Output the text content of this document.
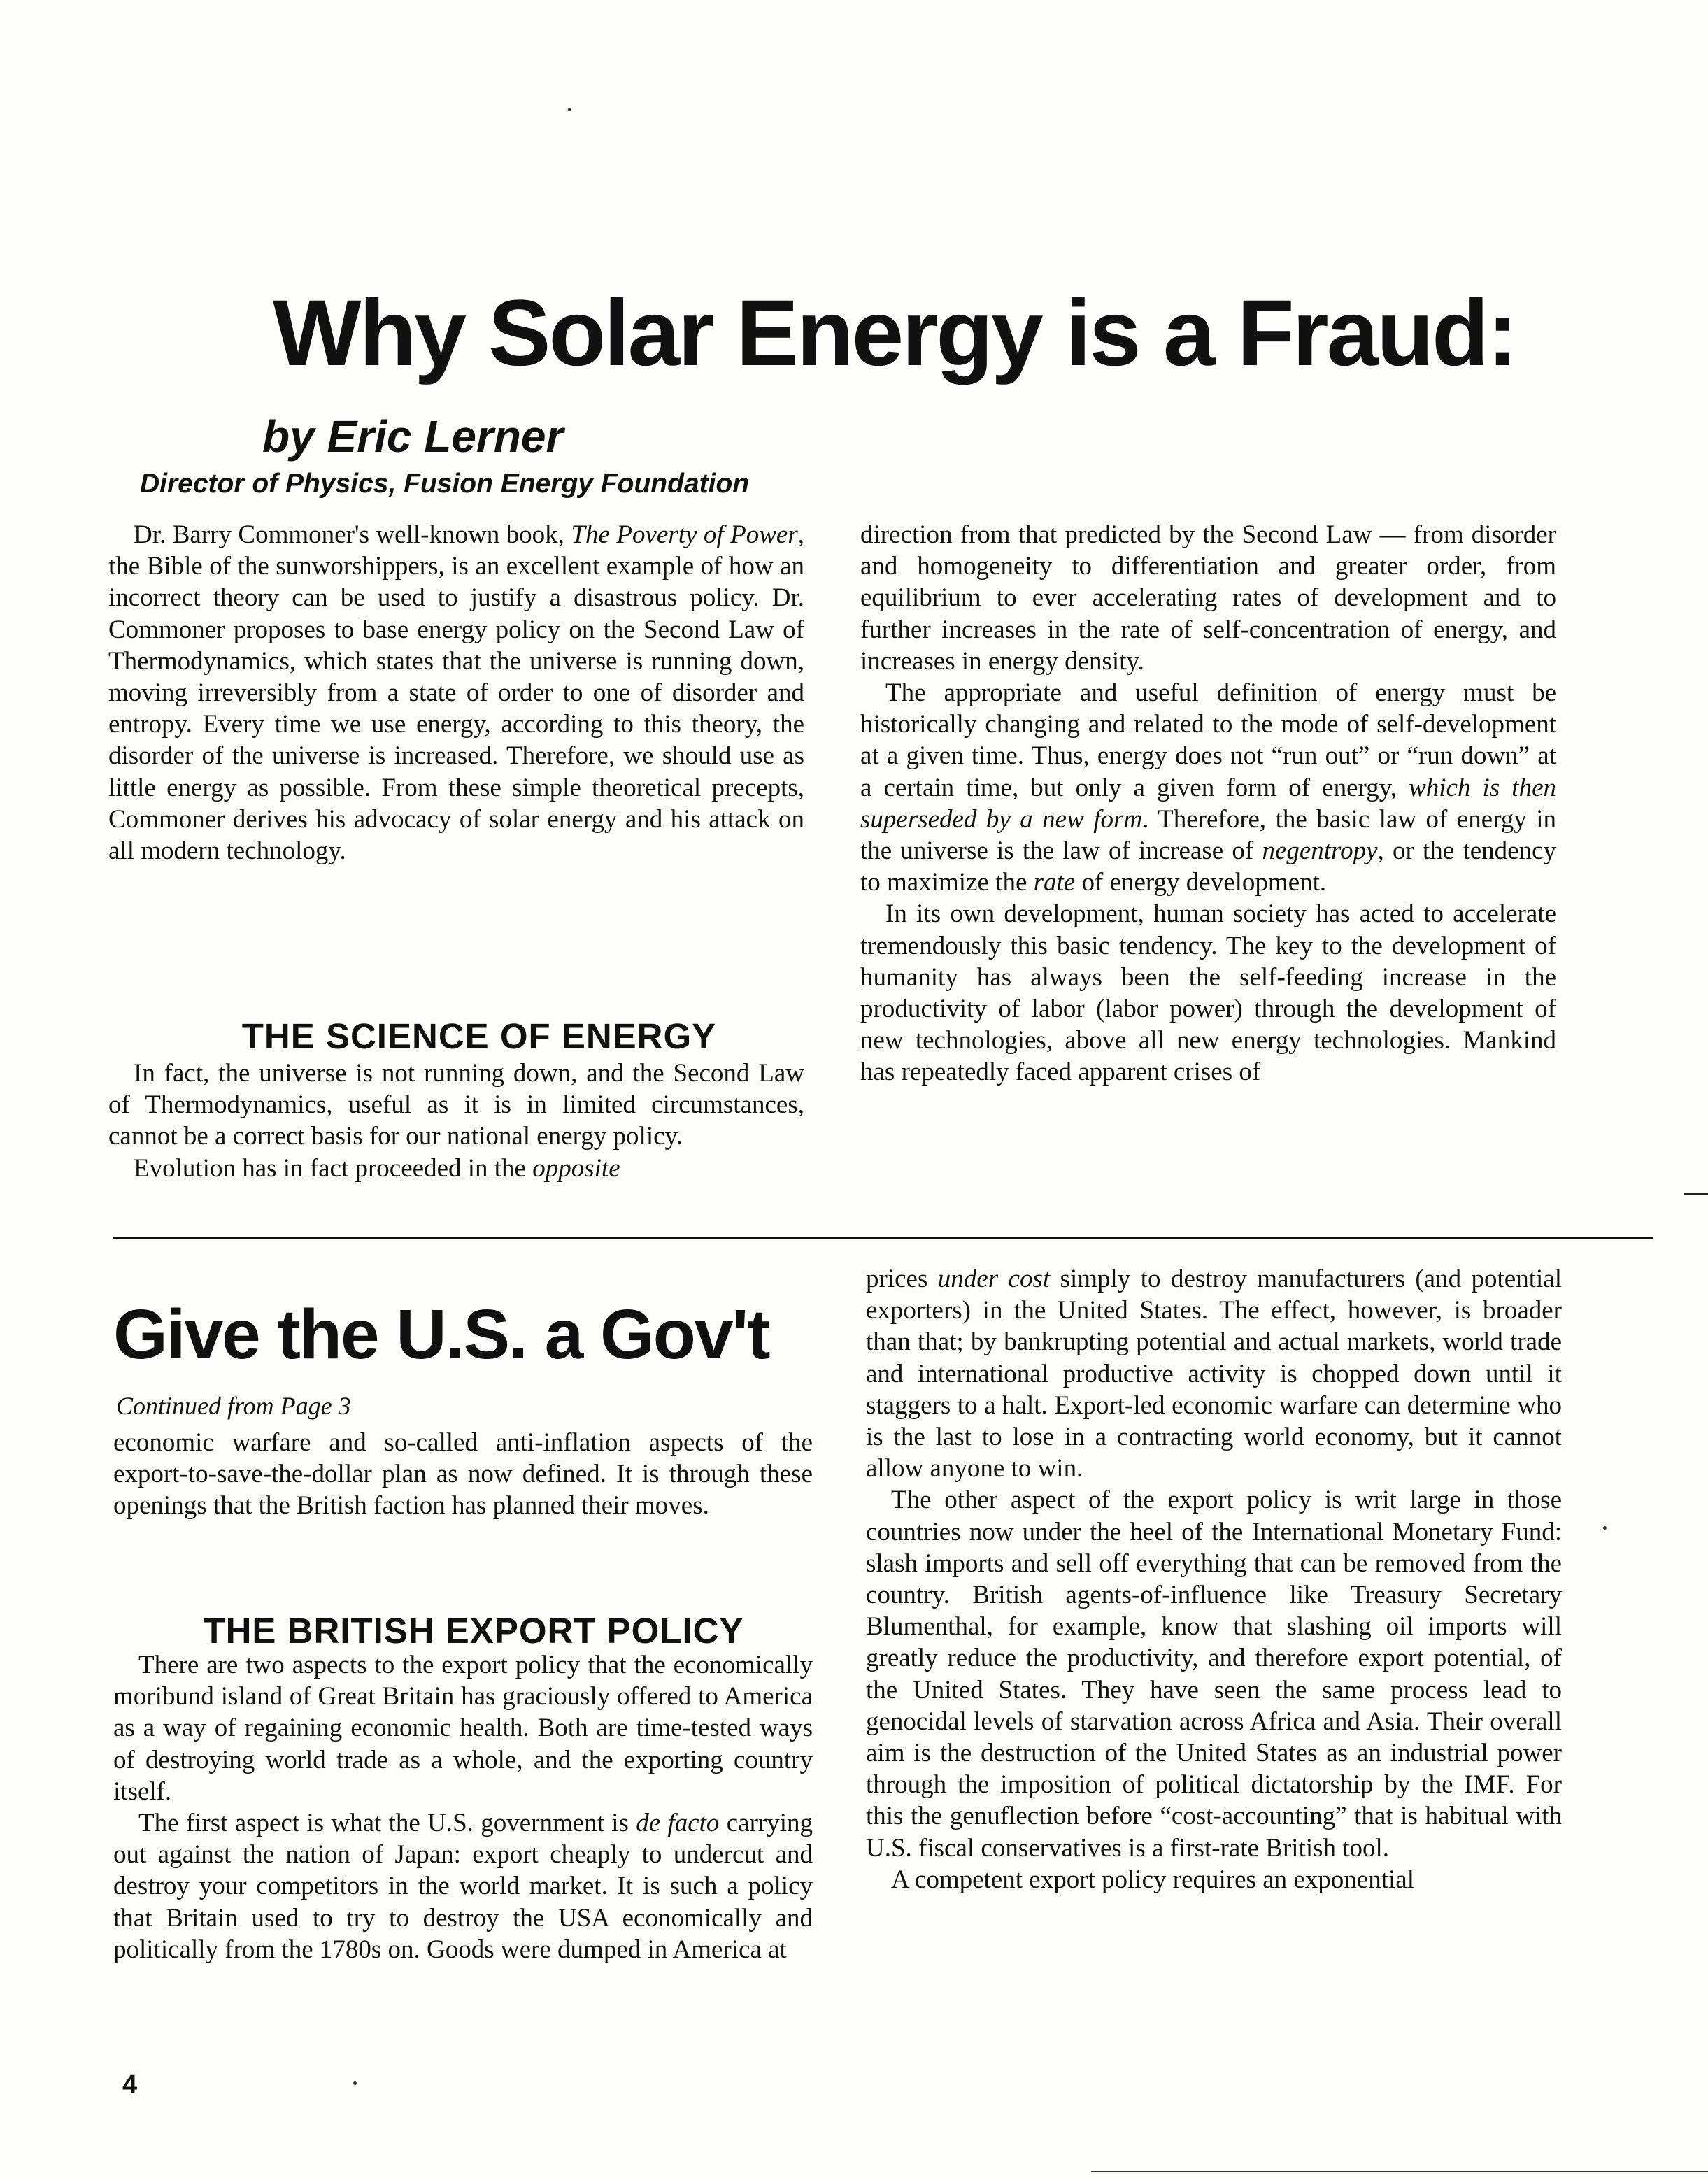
Why Solar Energy is a Fraud:
by Eric Lerner
Director of Physics, Fusion Energy Foundation

Dr. Barry Commoner's well-known book, The Poverty of Power, the Bible of the sunworshippers, is an excellent example of how an incorrect theory can be used to justify a disastrous policy. Dr. Commoner proposes to base energy policy on the Second Law of Thermodynamics, which states that the universe is running down, moving irreversibly from a state of order to one of disorder and entropy. Every time we use energy, according to this theory, the disorder of the universe is increased. Therefore, we should use as little energy as possible. From these simple theoretical precepts, Commoner derives his advocacy of solar energy and his attack on all modern technology.

THE SCIENCE OF ENERGY

In fact, the universe is not running down, and the Second Law of Thermodynamics, useful as it is in limited circumstances, cannot be a correct basis for our national energy policy.

Evolution has in fact proceeded in the opposite

direction from that predicted by the Second Law — from disorder and homogeneity to differentiation and greater order, from equilibrium to ever accelerating rates of development and to further increases in the rate of self-concentration of energy, and increases in energy density.

The appropriate and useful definition of energy must be historically changing and related to the mode of self-development at a given time. Thus, energy does not “run out” or “run down” at a certain time, but only a given form of energy, which is then superseded by a new form. Therefore, the basic law of energy in the universe is the law of increase of negentropy, or the tendency to maximize the rate of energy development.

In its own development, human society has acted to accelerate tremendously this basic tendency. The key to the development of humanity has always been the self-feeding increase in the productivity of labor (labor power) through the development of new technologies, above all new energy technologies. Mankind has repeatedly faced apparent crises of

Give the U.S. a Gov't
Continued from Page 3

economic warfare and so-called anti-inflation aspects of the export-to-save-the-dollar plan as now defined. It is through these openings that the British faction has planned their moves.

THE BRITISH EXPORT POLICY

There are two aspects to the export policy that the economically moribund island of Great Britain has graciously offered to America as a way of regaining economic health. Both are time-tested ways of destroying world trade as a whole, and the exporting country itself.

The first aspect is what the U.S. government is de facto carrying out against the nation of Japan: export cheaply to undercut and destroy your competitors in the world market. It is such a policy that Britain used to try to destroy the USA economically and politically from the 1780s on. Goods were dumped in America at

prices under cost simply to destroy manufacturers (and potential exporters) in the United States. The effect, however, is broader than that; by bankrupting potential and actual markets, world trade and international productive activity is chopped down until it staggers to a halt. Export-led economic warfare can determine who is the last to lose in a contracting world economy, but it cannot allow anyone to win.

The other aspect of the export policy is writ large in those countries now under the heel of the International Monetary Fund: slash imports and sell off everything that can be removed from the country. British agents-of-influence like Treasury Secretary Blumenthal, for example, know that slashing oil imports will greatly reduce the productivity, and therefore export potential, of the United States. They have seen the same process lead to genocidal levels of starvation across Africa and Asia. Their overall aim is the destruction of the United States as an industrial power through the imposition of political dictatorship by the IMF. For this the genuflection before “cost-accounting” that is habitual with U.S. fiscal conservatives is a first-rate British tool.

A competent export policy requires an exponential

4
